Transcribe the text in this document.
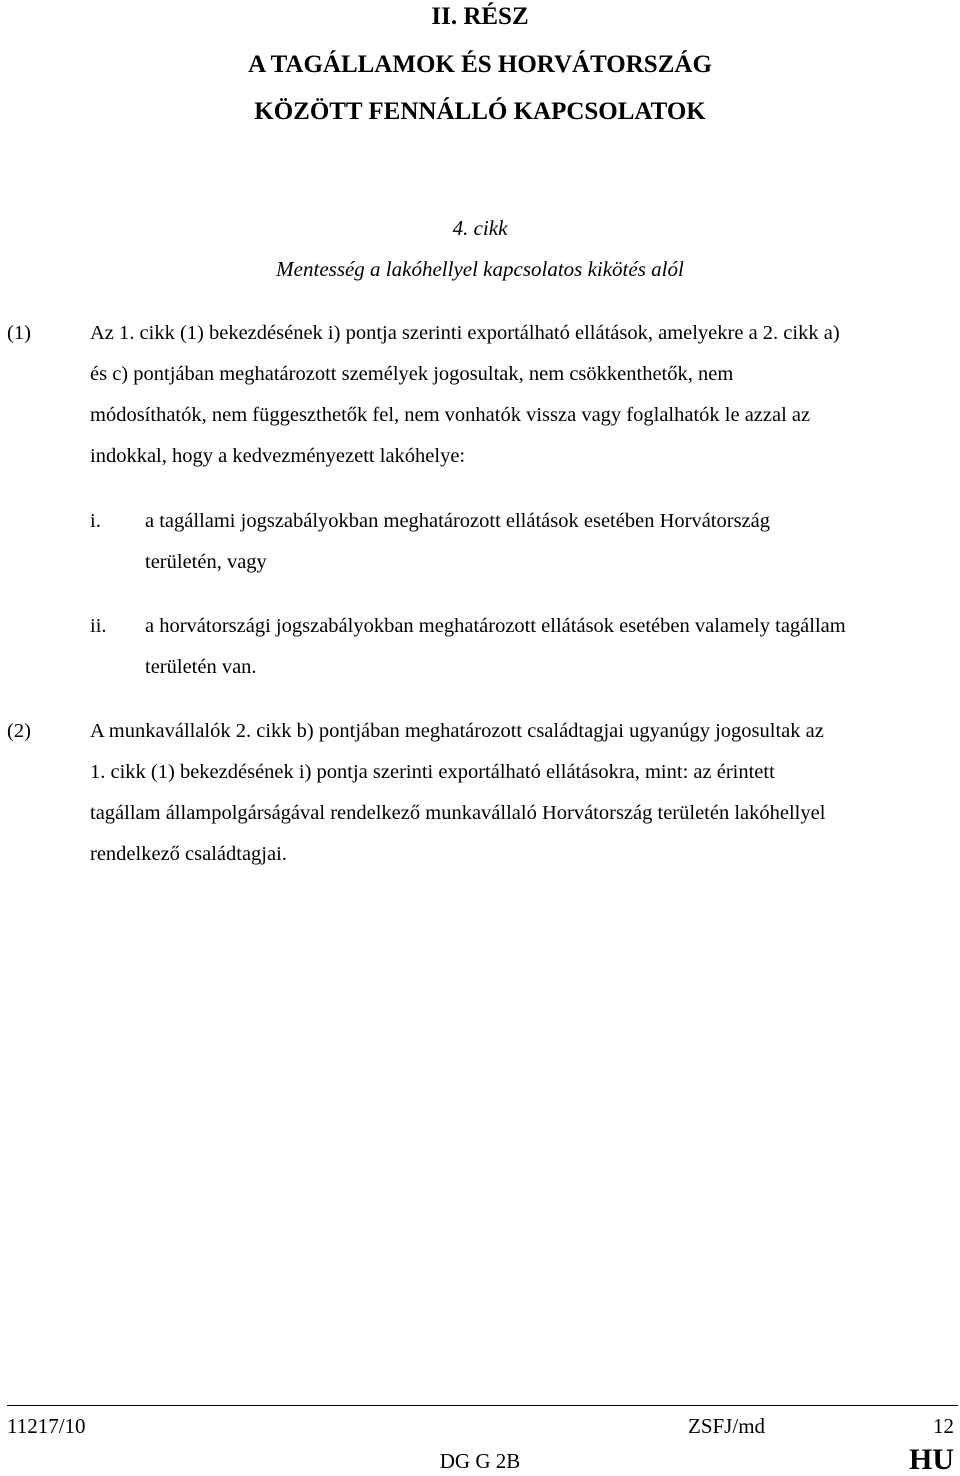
II. RÉSZ
A TAGÁLLAMOK ÉS HORVÁTORSZÁG
KÖZÖTT FENNÁLLÓ KAPCSOLATOK
4. cikk
Mentesség a lakóhellyel kapcsolatos kikötés alól
(1)	Az 1. cikk (1) bekezdésének i) pontja szerinti exportálható ellátások, amelyekre a 2. cikk a)
és c) pontjában meghatározott személyek jogosultak, nem csökkenthetők, nem
módosíthatók, nem függeszthetők fel, nem vonhatók vissza vagy foglalhatók le azzal az
indokkal, hogy a kedvezményezett lakóhelye:
i. a tagállami jogszabályokban meghatározott ellátások esetében Horvátország
területén, vagy
ii. a horvátországi jogszabályokban meghatározott ellátások esetében valamely tagállam
területén van.
(2)	A munkavállalók 2. cikk b) pontjában meghatározott családtagjai ugyanúgy jogosultak az
1. cikk (1) bekezdésének i) pontja szerinti exportálható ellátásokra, mint: az érintett
tagállam állampolgárságával rendelkező munkavállaló Horvátország területén lakóhellyel
rendelkező családtagjai.
11217/10	ZSFJ/md	12
DG G 2B	HU
